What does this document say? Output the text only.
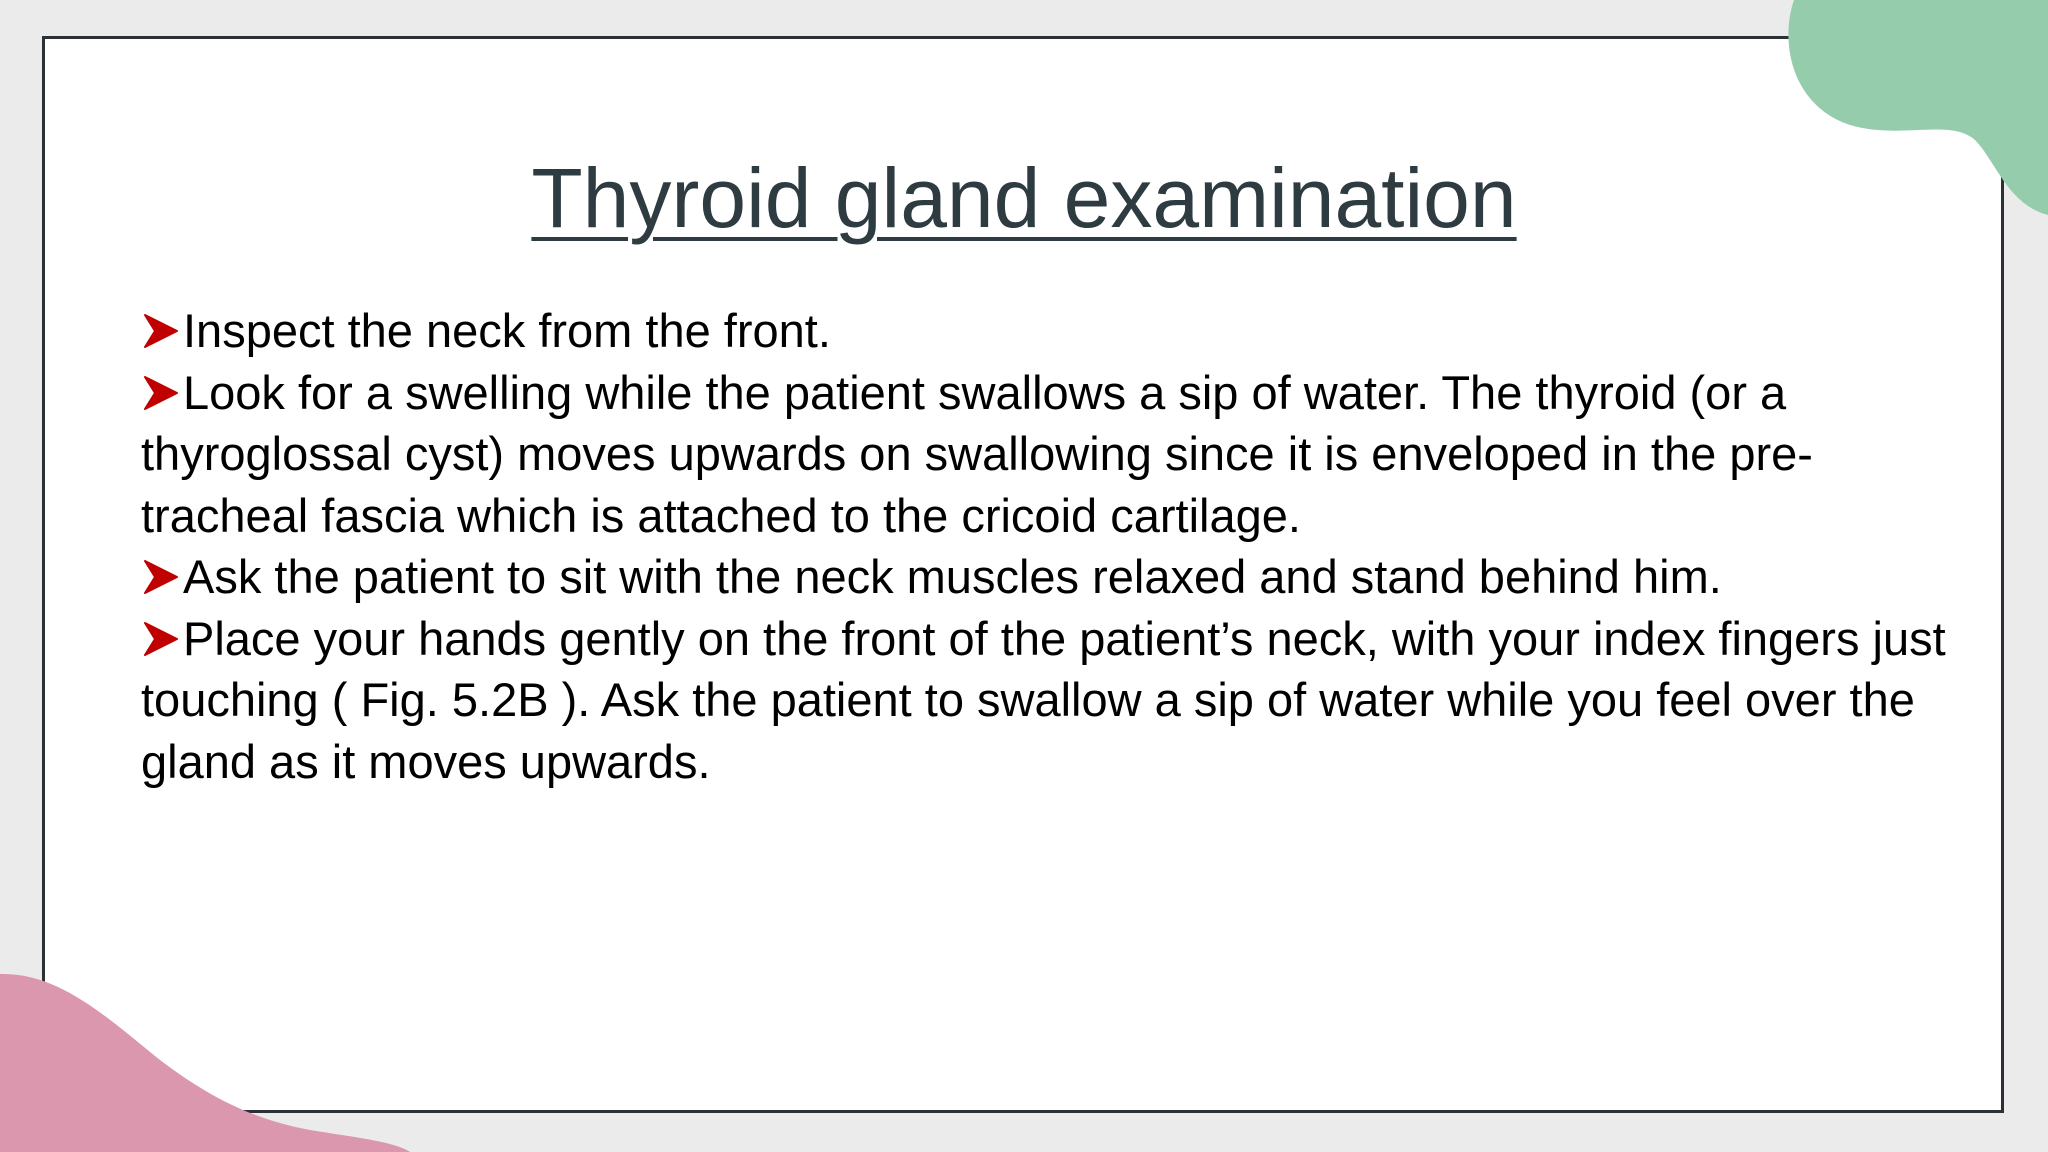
Thyroid gland examination

Inspect the neck from the front.

Look for a swelling while the patient swallows a sip of water. The thyroid (or a thyroglossal cyst) moves upwards on swallowing since it is enveloped in the pre-tracheal fascia which is attached to the cricoid cartilage.

Ask the patient to sit with the neck muscles relaxed and stand behind him.

Place your hands gently on the front of the patient’s neck, with your index fingers just touching ( Fig. 5.2B ). Ask the patient to swallow a sip of water while you feel over the gland as it moves upwards.
